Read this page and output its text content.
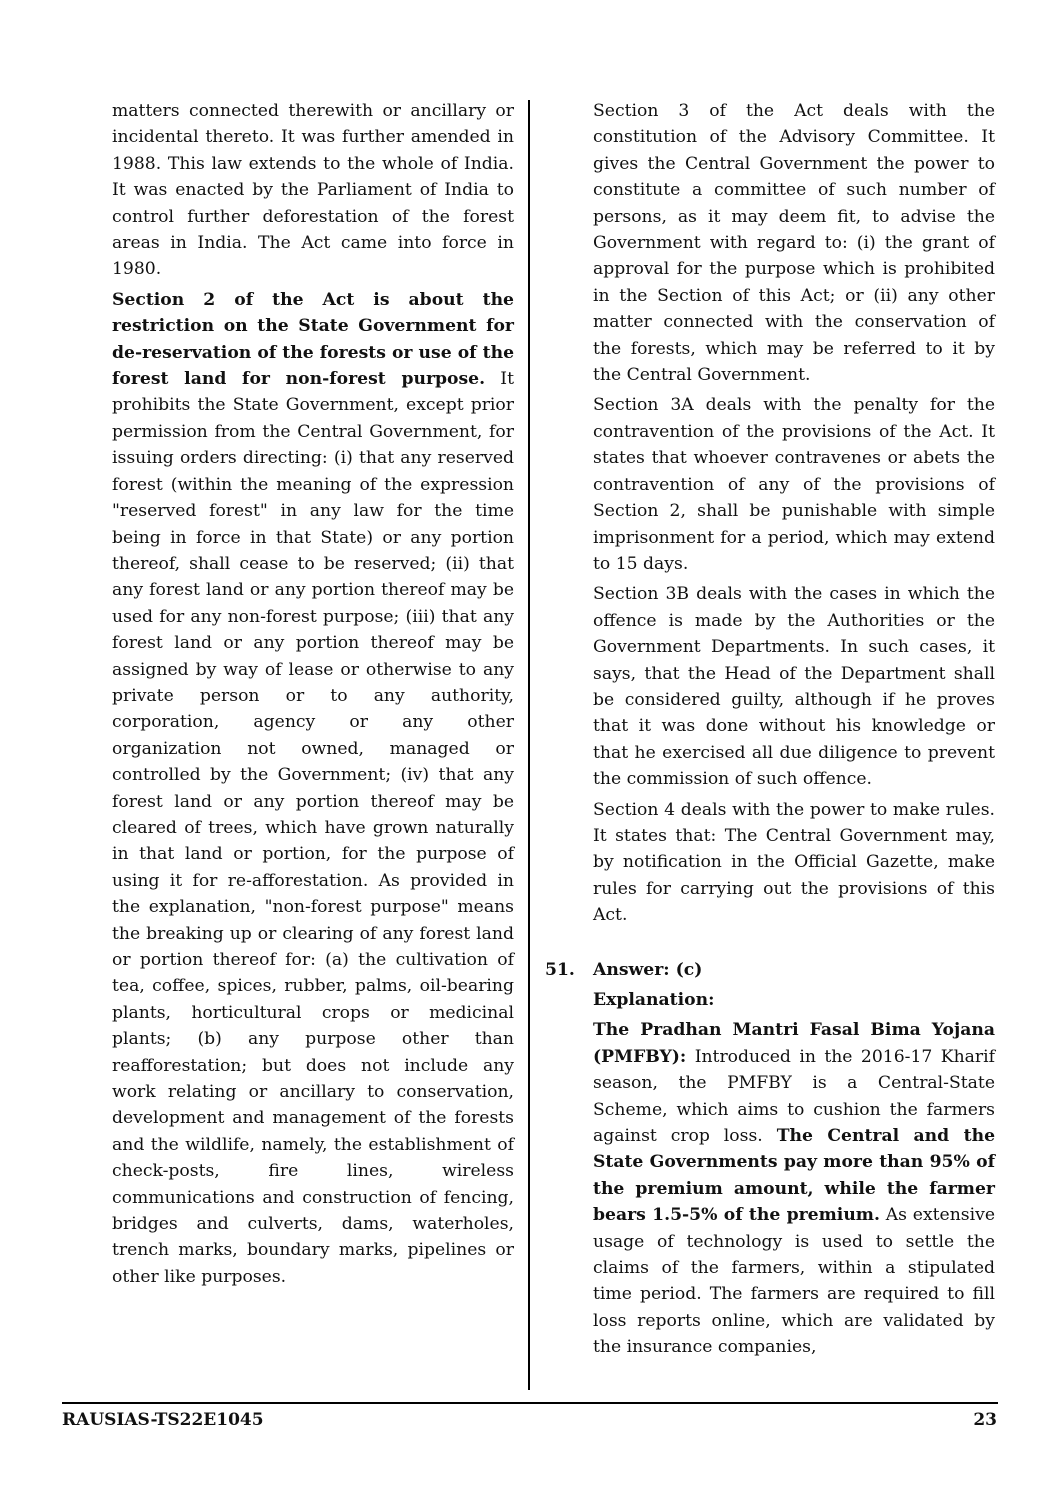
matters connected therewith or ancillary or incidental thereto. It was further amended in 1988. This law extends to the whole of India. It was enacted by the Parliament of India to control further deforestation of the forest areas in India. The Act came into force in 1980.

Section 2 of the Act is about the restriction on the State Government for de-reservation of the forests or use of the forest land for non-forest purpose. It prohibits the State Government, except prior permission from the Central Government, for issuing orders directing: (i) that any reserved forest (within the meaning of the expression "reserved forest" in any law for the time being in force in that State) or any portion thereof, shall cease to be reserved; (ii) that any forest land or any portion thereof may be used for any non-forest purpose; (iii) that any forest land or any portion thereof may be assigned by way of lease or otherwise to any private person or to any authority, corporation, agency or any other organization not owned, managed or controlled by the Government; (iv) that any forest land or any portion thereof may be cleared of trees, which have grown naturally in that land or portion, for the purpose of using it for re-afforestation. As provided in the explanation, "non-forest purpose" means the breaking up or clearing of any forest land or portion thereof for: (a) the cultivation of tea, coffee, spices, rubber, palms, oil-bearing plants, horticultural crops or medicinal plants; (b) any purpose other than reafforestation; but does not include any work relating or ancillary to conservation, development and management of the forests and the wildlife, namely, the establishment of check-posts, fire lines, wireless communications and construction of fencing, bridges and culverts, dams, waterholes, trench marks, boundary marks, pipelines or other like purposes.

Section 3 of the Act deals with the constitution of the Advisory Committee. It gives the Central Government the power to constitute a committee of such number of persons, as it may deem fit, to advise the Government with regard to: (i) the grant of approval for the purpose which is prohibited in the Section of this Act; or (ii) any other matter connected with the conservation of the forests, which may be referred to it by the Central Government.

Section 3A deals with the penalty for the contravention of the provisions of the Act. It states that whoever contravenes or abets the contravention of any of the provisions of Section 2, shall be punishable with simple imprisonment for a period, which may extend to 15 days.

Section 3B deals with the cases in which the offence is made by the Authorities or the Government Departments. In such cases, it says, that the Head of the Department shall be considered guilty, although if he proves that it was done without his knowledge or that he exercised all due diligence to prevent the commission of such offence.

Section 4 deals with the power to make rules. It states that: The Central Government may, by notification in the Official Gazette, make rules for carrying out the provisions of this Act.

51. Answer: (c)

Explanation:

The Pradhan Mantri Fasal Bima Yojana (PMFBY): Introduced in the 2016-17 Kharif season, the PMFBY is a Central-State Scheme, which aims to cushion the farmers against crop loss. The Central and the State Governments pay more than 95% of the premium amount, while the farmer bears 1.5-5% of the premium. As extensive usage of technology is used to settle the claims of the farmers, within a stipulated time period. The farmers are required to fill loss reports online, which are validated by the insurance companies,

RAUSIAS-TS22E1045	23
